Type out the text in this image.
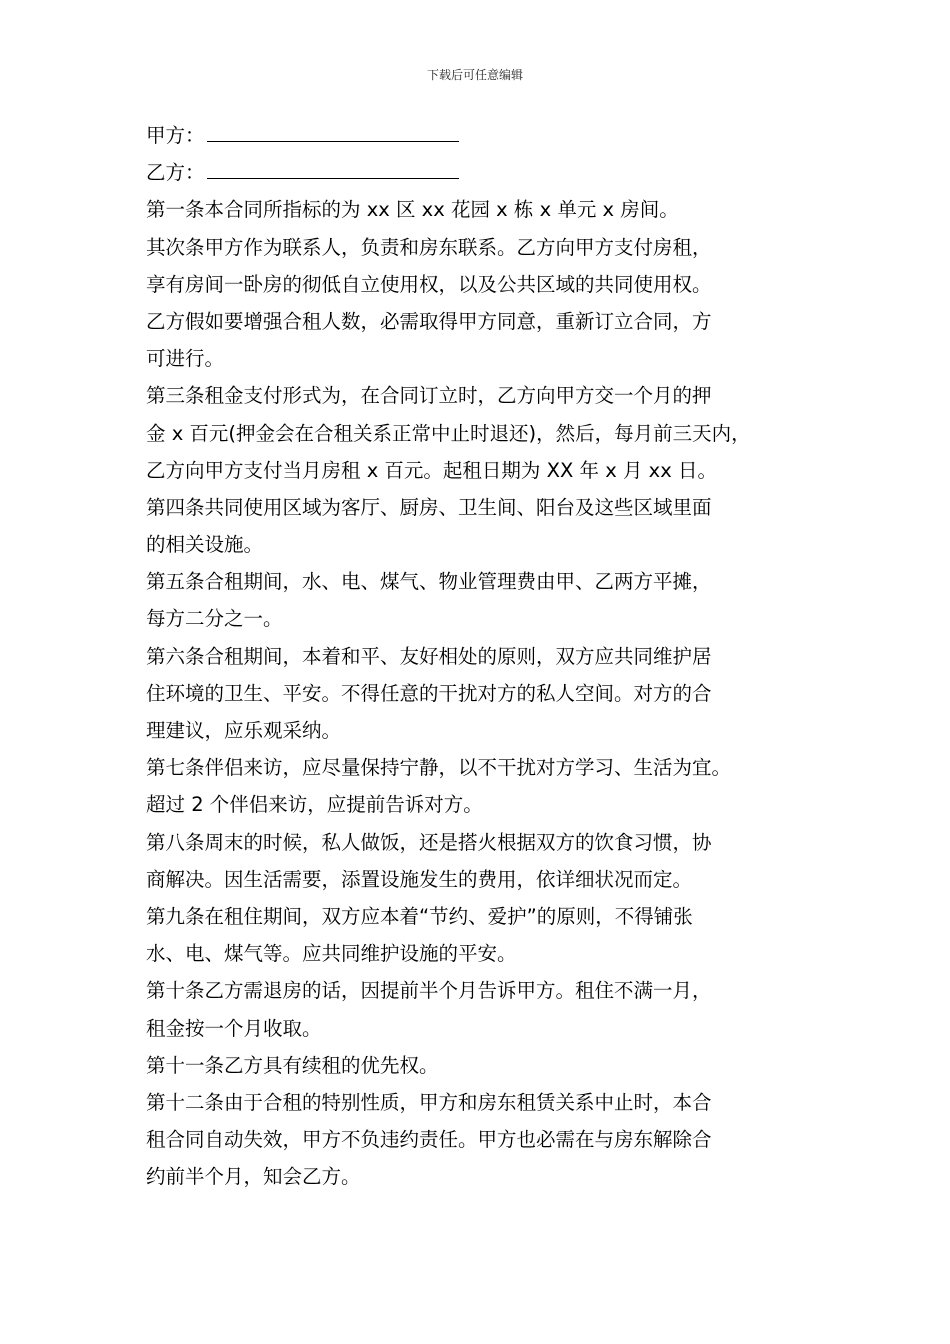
下载后可任意编辑
甲方：
乙方：
第一条本合同所指标的为 xx 区 xx 花园 x 栋 x 单元 x 房间。
其次条甲方作为联系人，负责和房东联系。乙方向甲方支付房租，
享有房间一卧房的彻低自立使用权，以及公共区域的共同使用权。
乙方假如要增强合租人数，必需取得甲方同意，重新订立合同，方
可进行。
第三条租金支付形式为，在合同订立时，乙方向甲方交一个月的押
金 x 百元(押金会在合租关系正常中止时退还)，然后，每月前三天内，
乙方向甲方支付当月房租 x 百元。起租日期为 XX 年 x 月 xx 日。
第四条共同使用区域为客厅、厨房、卫生间、阳台及这些区域里面
的相关设施。
第五条合租期间，水、电、煤气、物业管理费由甲、乙两方平摊，
每方二分之一。
第六条合租期间，本着和平、友好相处的原则，双方应共同维护居
住环境的卫生、平安。不得任意的干扰对方的私人空间。对方的合
理建议，应乐观采纳。
第七条伴侣来访，应尽量保持宁静，以不干扰对方学习、生活为宜。
超过 2 个伴侣来访，应提前告诉对方。
第八条周末的时候，私人做饭，还是搭火根据双方的饮食习惯，协
商解决。因生活需要，添置设施发生的费用，依详细状况而定。
第九条在租住期间，双方应本着“节约、爱护”的原则，不得铺张
水、电、煤气等。应共同维护设施的平安。
第十条乙方需退房的话，因提前半个月告诉甲方。租住不满一月，
租金按一个月收取。
第十一条乙方具有续租的优先权。
第十二条由于合租的特别性质，甲方和房东租赁关系中止时，本合
租合同自动失效，甲方不负违约责任。甲方也必需在与房东解除合
约前半个月，知会乙方。
